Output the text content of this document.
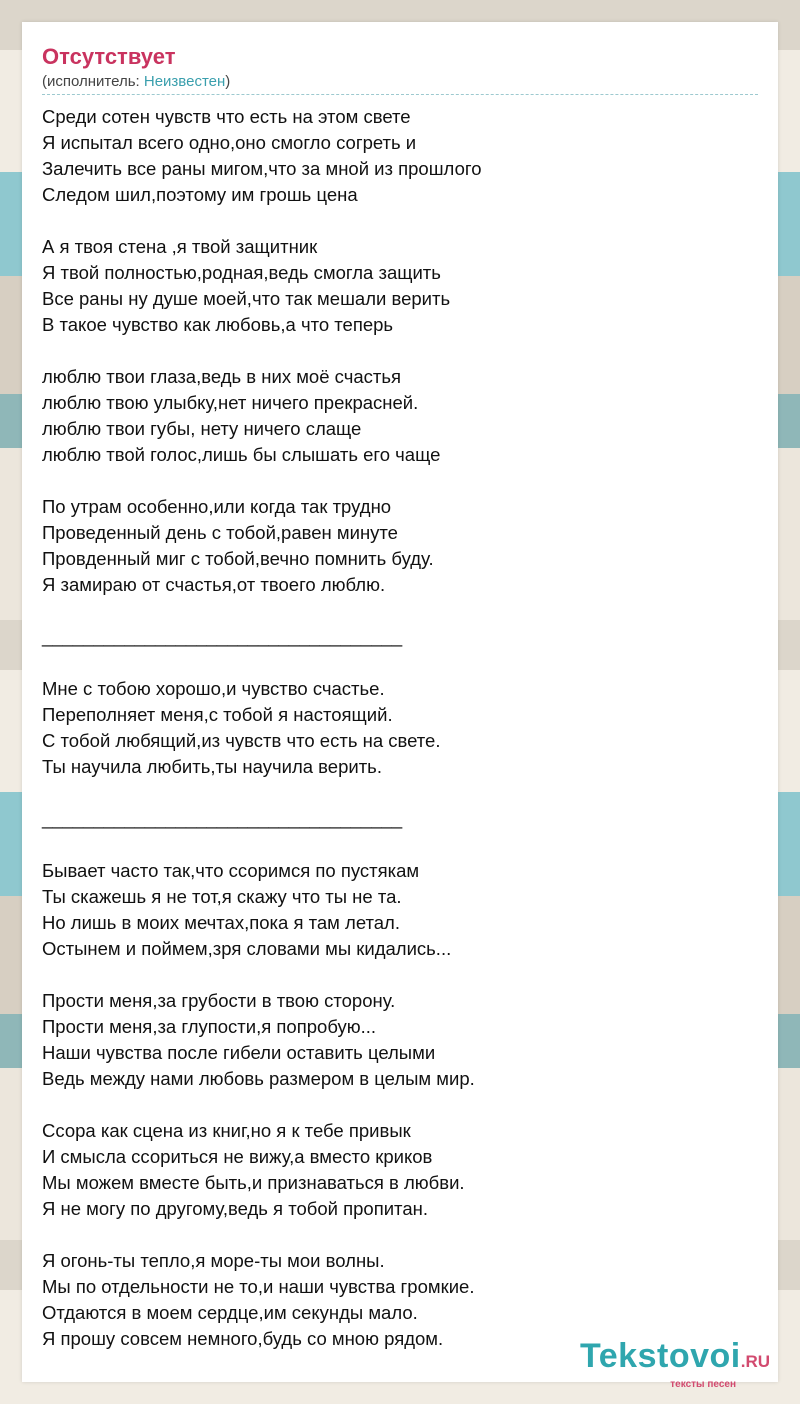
Отсутствует
(исполнитель: Неизвестен)
Среди сотен чувств что есть на этом свете
Я испытал всего одно,оно смогло согреть и
Залечить все раны мигом,что за мной из прошлого
Следом шил,поэтому им грошь цена
А я твоя стена ,я твой защитник
Я твой полностью,родная,ведь смогла защить
Все раны ну душе моей,что так мешали верить
В такое чувство как любовь,а что теперь
люблю твои глаза,ведь в них моё счастья
люблю твою улыбку,нет ничего прекрасней.
люблю твои губы, нету ничего слаще
люблю твой голос,лишь бы слышать его чаще
По утрам особенно,или когда так трудно
Проведенный день с тобой,равен минуте
Провденный миг с тобой,вечно помнить буду.
Я замираю от счастья,от твоего люблю.
___________________________________
Мне с тобою хорошо,и чувство счастье.
Переполняет меня,с тобой я настоящий.
С тобой любящий,из чувств что есть на свете.
Ты научила любить,ты научила верить.
___________________________________
Бывает часто так,что ссоримся по пустякам
Ты скажешь я не тот,я скажу что ты не та.
Но лишь в моих мечтах,пока я там летал.
Остынем и поймем,зря словами мы кидались...
Прости меня,за грубости в твою сторону.
Прости меня,за глупости,я попробую...
Наши чувства после гибели оставить целыми
Ведь между нами любовь размером в целым мир.
Ссора как сцена из книг,но я к тебе привык
И смысла ссориться не вижу,а вместо криков
Мы можем вместе быть,и признаваться в любви.
Я не могу по другому,ведь я тобой пропитан.
Я огонь-ты тепло,я море-ты мои волны.
Мы по отдельности не то,и наши чувства громкие.
Отдаются в моем сердце,им секунды мало.
Я прошу совсем немного,будь со мною рядом.	Tekstovoi.RU
тексты песен
